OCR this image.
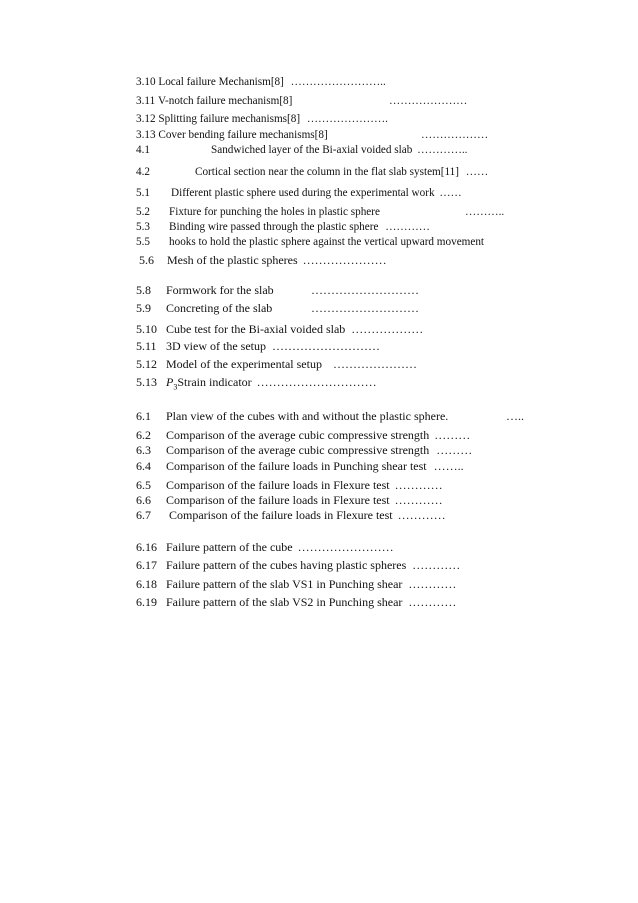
3.10 Local failure Mechanism[8] ……………………..
3.11 V-notch failure mechanism[8]	…………………
3.12 Splitting failure mechanisms[8] ………………….
3.13 Cover bending failure mechanisms[8]	………………
4.1	Sandwiched layer of the Bi-axial voided slab …………..
4.2	Cortical section near the column in the flat slab system[11] ……
5.1 Different plastic sphere used during the experimental work ……
5.2 Fixture for punching the holes in plastic sphere	………..
5.3 Binding wire passed through the plastic sphere …………
5.5 hooks to hold the plastic sphere against the vertical upward movement
5.6 Mesh of the plastic spheres …………………
5.8 Formwork for the slab	………………………
5.9 Concreting of the slab	………………………
5.10 Cube test for the Bi-axial voided slab ………………
5.11 3D view of the setup ………………………
5.12 Model of the experimental setup …………………
5.13 $P_3Strain$ indicator …………………………
6.1 Plan view of the cubes with and without the plastic sphere.	…..
6.2 Comparison of the average cubic compressive strength ………
6.3 Comparison of the average cubic compressive strength ………
6.4 Comparison of the failure loads in Punching shear test ……..
6.5 Comparison of the failure loads in Flexure test …………
6.6 Comparison of the failure loads in Flexure test …………
6.7 Comparison of the failure loads in Flexure test …………
6.16 Failure pattern of the cube ……………………
6.17 Failure pattern of the cubes having plastic spheres …………
6.18 Failure pattern of the slab VS1 in Punching shear …………
6.19 Failure pattern of the slab VS2 in Punching shear …………
